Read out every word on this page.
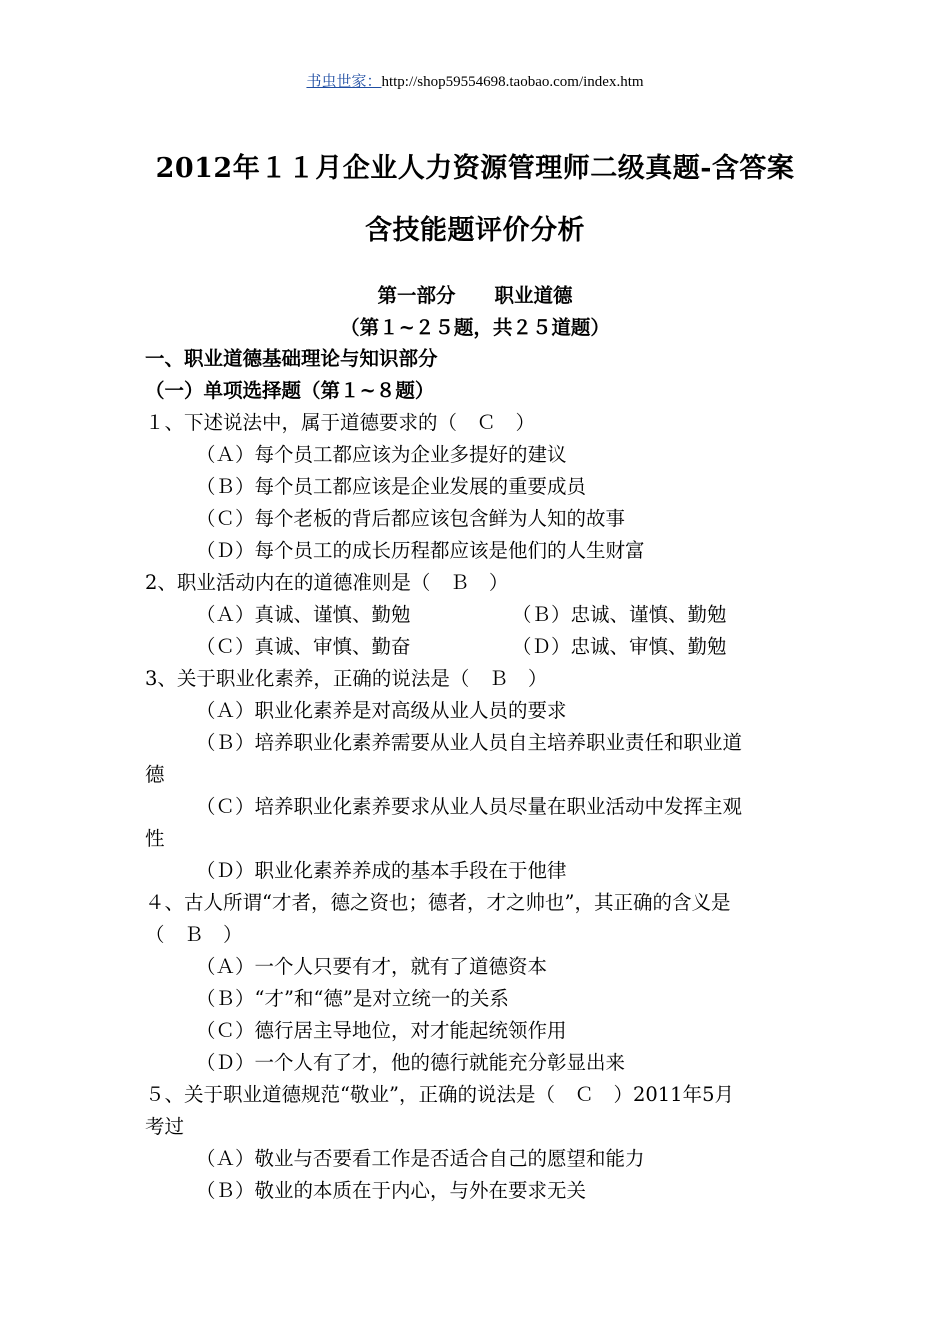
书虫世家：http://shop59554698.taobao.com/index.htm
2012年１１月企业人力资源管理师二级真题-含答案
含技能题评价分析
第一部分　　职业道德
（第１~２５题，共２５道题）
一、职业道德基础理论与知识部分
（一）单项选择题（第１~８题）
１、下述说法中，属于道德要求的（　Ｃ　）
（Ａ）每个员工都应该为企业多提好的建议
（Ｂ）每个员工都应该是企业发展的重要成员
（Ｃ）每个老板的背后都应该包含鲜为人知的故事
（Ｄ）每个员工的成长历程都应该是他们的人生财富
2、职业活动内在的道德准则是（　Ｂ　）
（Ａ）真诚、谨慎、勤勉	（Ｂ）忠诚、谨慎、勤勉
（Ｃ）真诚、审慎、勤奋	（Ｄ）忠诚、审慎、勤勉
3、关于职业化素养，正确的说法是（　Ｂ　）
（Ａ）职业化素养是对高级从业人员的要求
（Ｂ）培养职业化素养需要从业人员自主培养职业责任和职业道
德
（Ｃ）培养职业化素养要求从业人员尽量在职业活动中发挥主观
性
（Ｄ）职业化素养养成的基本手段在于他律
４、古人所谓“才者，德之资也；德者，才之帅也”，其正确的含义是
（　Ｂ　）
（Ａ）一个人只要有才，就有了道德资本
（Ｂ）“才”和“德”是对立统一的关系
（Ｃ）德行居主导地位，对才能起统领作用
（Ｄ）一个人有了才，他的德行就能充分彰显出来
５、关于职业道德规范“敬业”，正确的说法是（　Ｃ　）2011年5月
考过
（Ａ）敬业与否要看工作是否适合自己的愿望和能力
（Ｂ）敬业的本质在于内心，与外在要求无关
